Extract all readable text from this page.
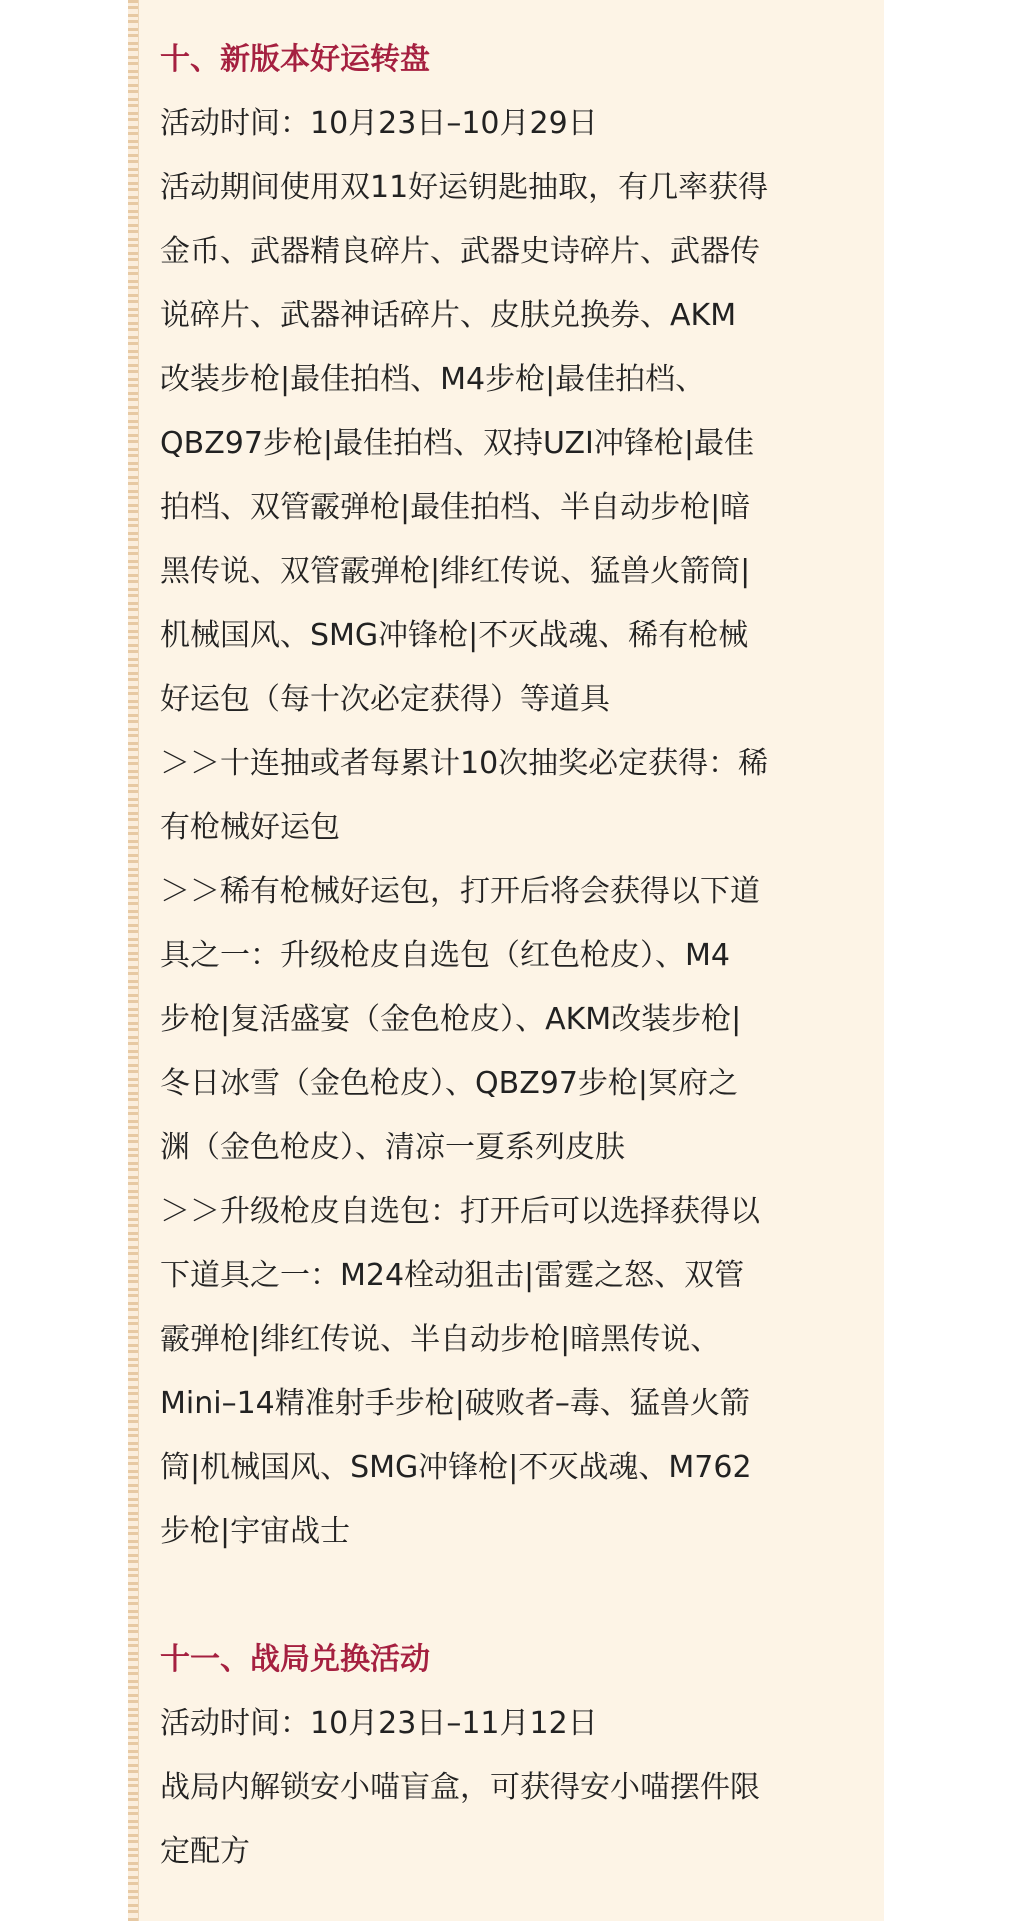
十、新版本好运转盘
活动时间：10月23日–10月29日
活动期间使用双11好运钥匙抽取，有几率获得
金币、武器精良碎片、武器史诗碎片、武器传
说碎片、武器神话碎片、皮肤兑换券、AKM
改装步枪|最佳拍档、M4步枪|最佳拍档、
QBZ97步枪|最佳拍档、双持UZI冲锋枪|最佳
拍档、双管霰弹枪|最佳拍档、半自动步枪|暗
黑传说、双管霰弹枪|绯红传说、猛兽火箭筒|
机械国风、SMG冲锋枪|不灭战魂、稀有枪械
好运包（每十次必定获得）等道具
＞＞十连抽或者每累计10次抽奖必定获得：稀
有枪械好运包
＞＞稀有枪械好运包，打开后将会获得以下道
具之一：升级枪皮自选包（红色枪皮）、M4
步枪|复活盛宴（金色枪皮）、AKM改装步枪|
冬日冰雪（金色枪皮）、QBZ97步枪|冥府之
渊（金色枪皮）、清凉一夏系列皮肤
＞＞升级枪皮自选包：打开后可以选择获得以
下道具之一：M24栓动狙击|雷霆之怒、双管
霰弹枪|绯红传说、半自动步枪|暗黑传说、
Mini–14精准射手步枪|破败者–毒、猛兽火箭
筒|机械国风、SMG冲锋枪|不灭战魂、M762
步枪|宇宙战士
十一、战局兑换活动
活动时间：10月23日–11月12日
战局内解锁安小喵盲盒，可获得安小喵摆件限
定配方
